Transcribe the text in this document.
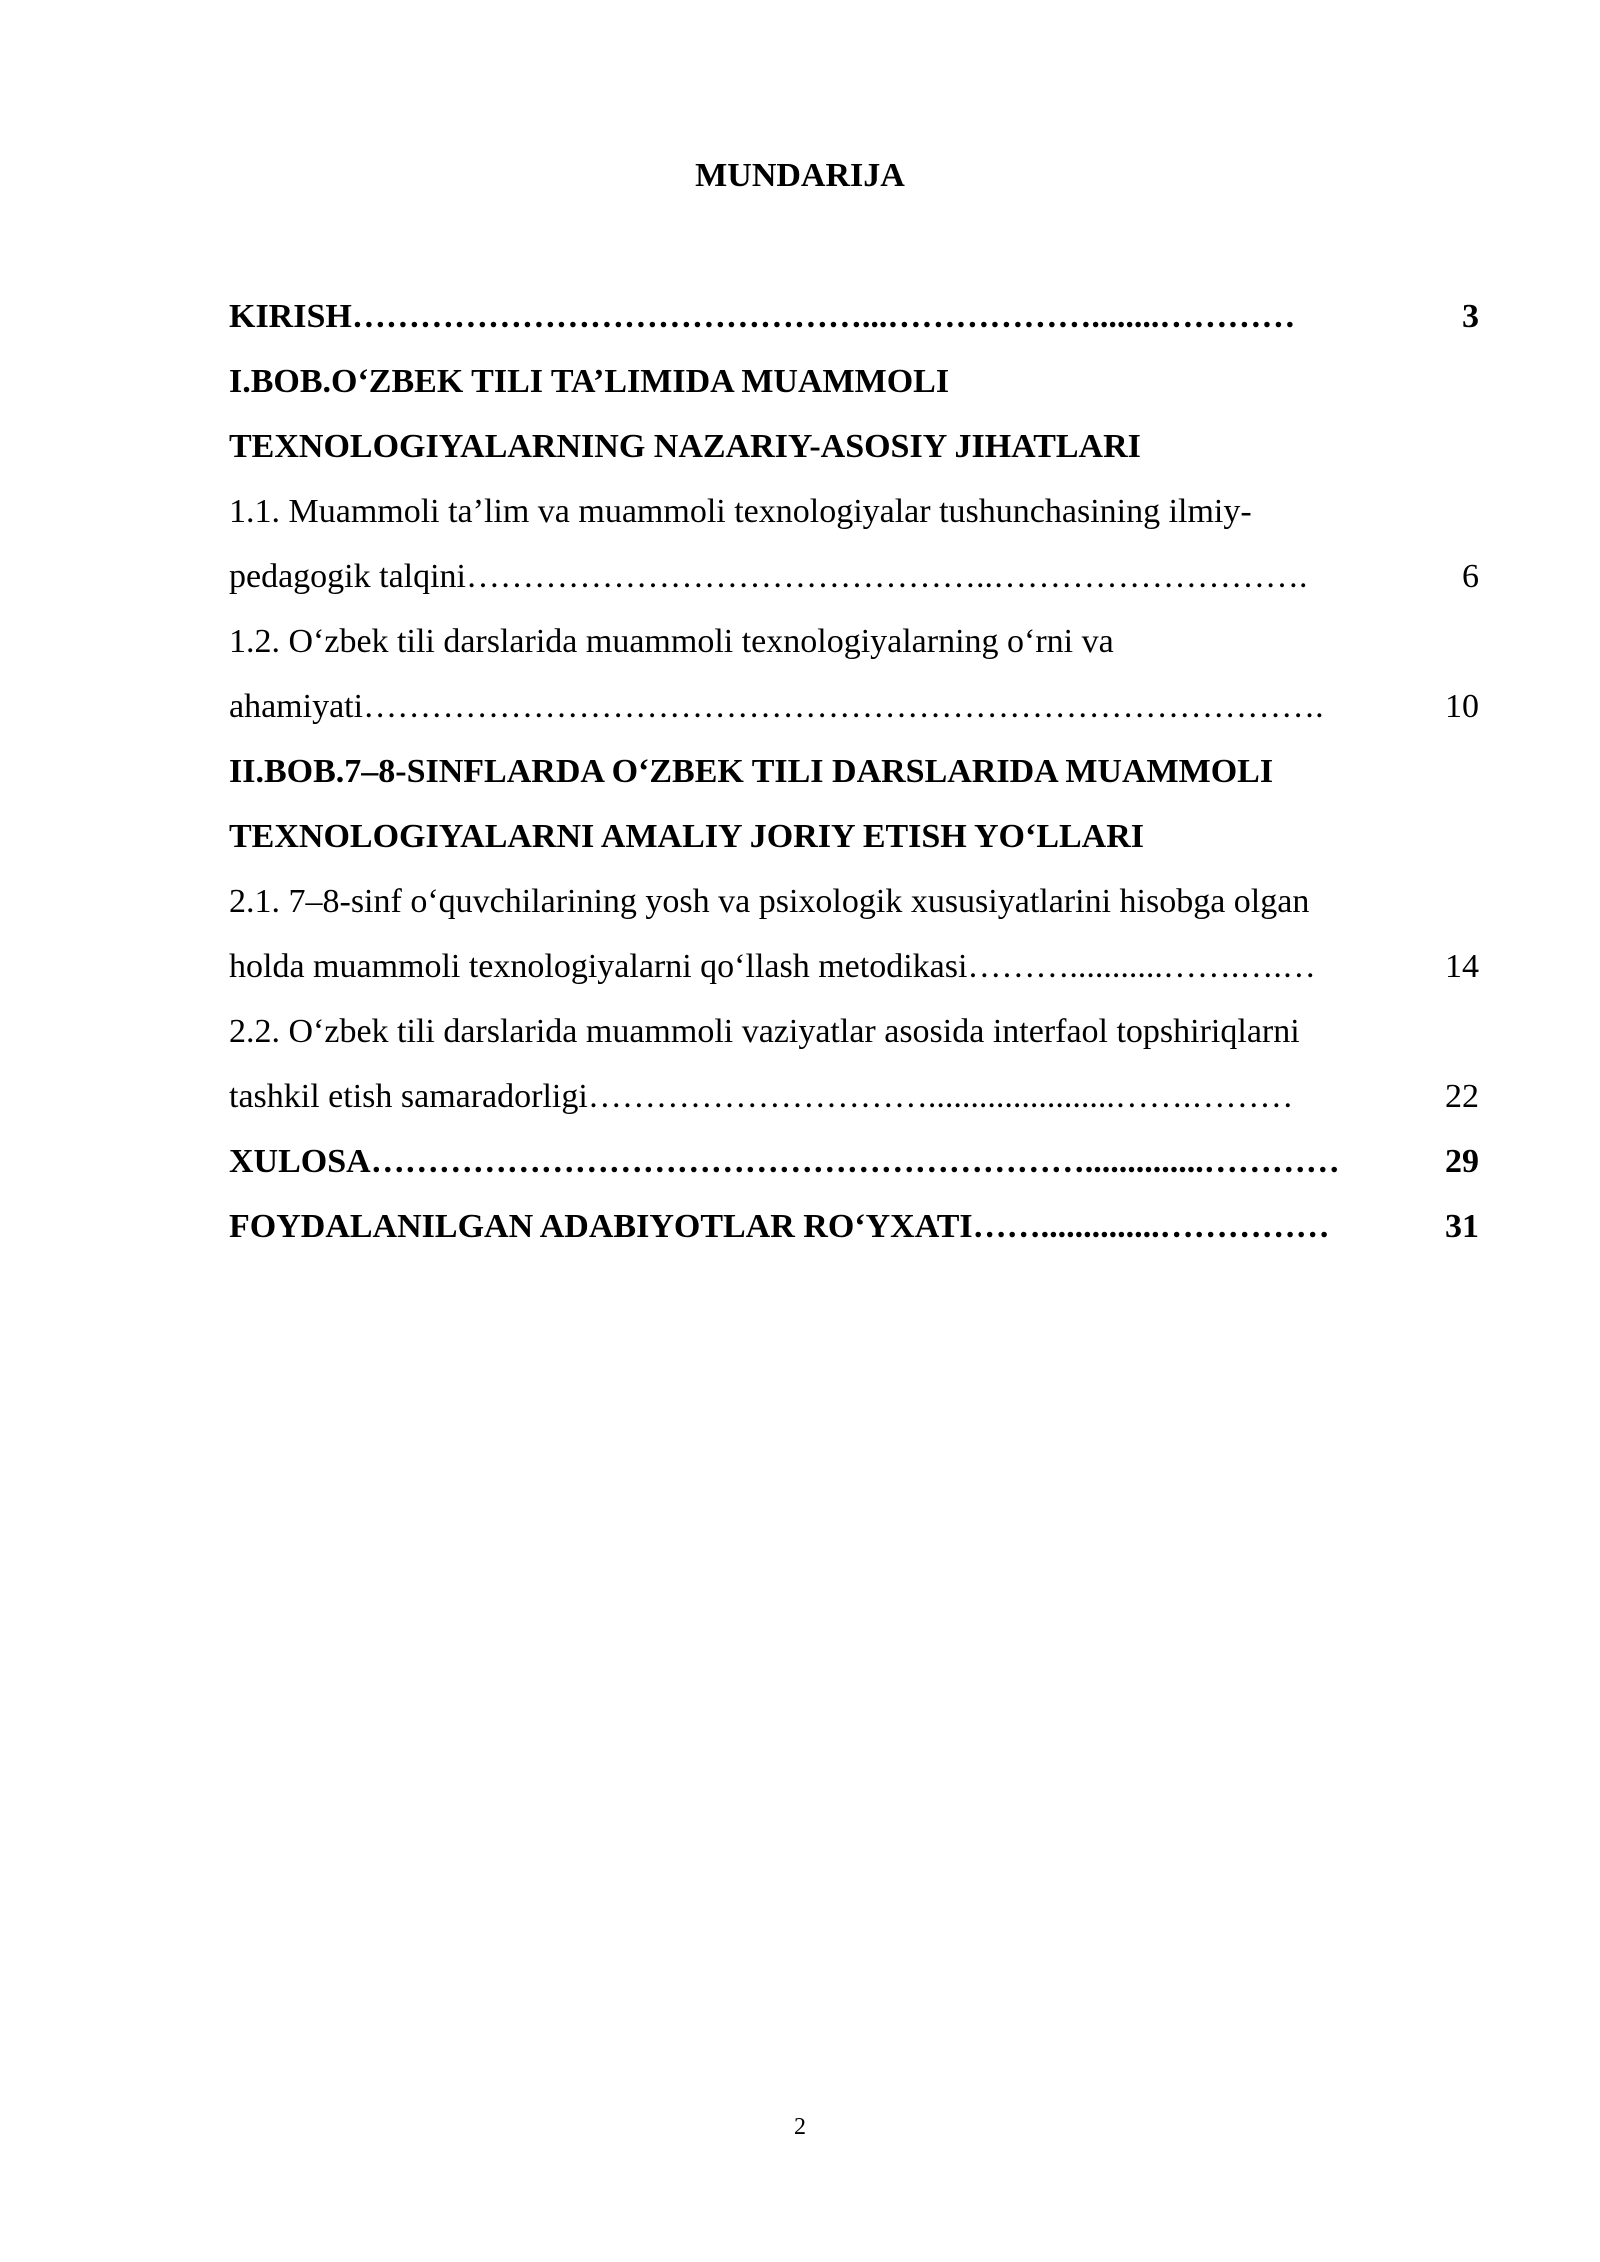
MUNDARIJA
KIRISH ………………………………………...………………........…………	3
I.BOB.O‘ZBEK TILI TA’LIMIDA MUAMMOLI
TEXNOLOGIYALARNING NAZARIY-ASOSIY JIHATLARI
1.1. Muammoli ta’lim va muammoli texnologiyalar tushunchasining ilmiy-
pedagogik talqini ………………………………………..……………………….	6
1.2. O‘zbek tili darslarida muammoli texnologiyalarning o‘rni va
ahamiyati ………………………………………………………………………….	10
II.BOB.7–8-SINFLARDA O‘ZBEK TILI DARSLARIDA MUAMMOLI
TEXNOLOGIYALARNI AMALIY JORIY ETISH YO‘LLARI
2.1. 7–8-sinf o‘quvchilarining yosh va psixologik xususiyatlarini hisobga olgan
holda muammoli texnologiyalarni qo‘llash metodikasi ………...........…….….…	14
2.2. O‘zbek tili darslarida muammoli vaziyatlar asosida interfaol topshiriqlarni
tashkil etish samaradorligi …………………………......................…….………	22
XULOSA ………………………………………………………..............…………	29
FOYDALANILGAN ADABIYOTLAR RO‘YXATI ……..............……………	31
2
